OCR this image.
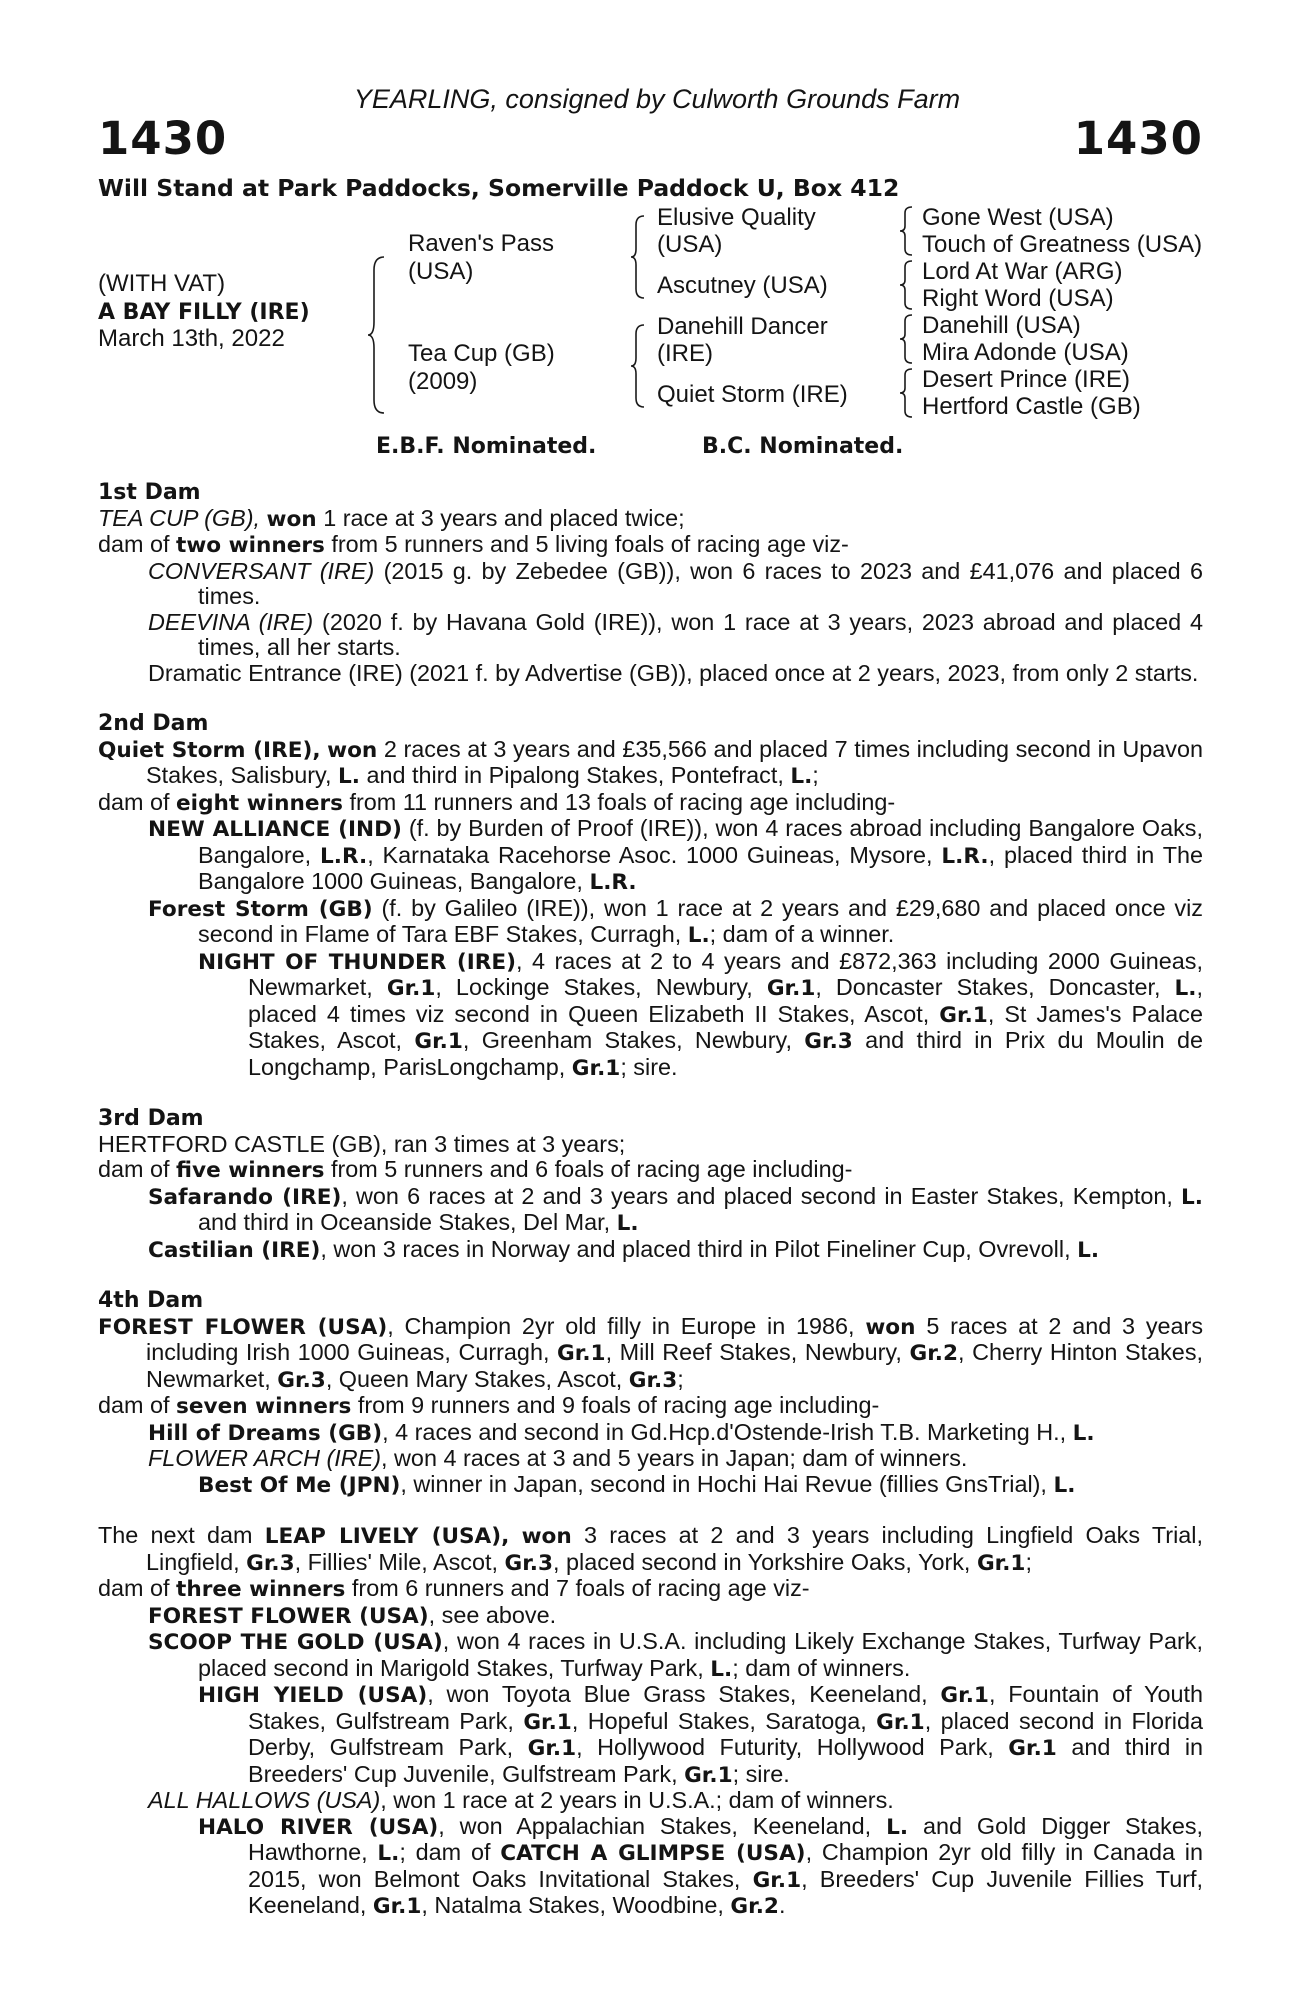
YEARLING, consigned by Culworth Grounds Farm
1430	1430
Will Stand at Park Paddocks, Somerville Paddock U, Box 412
(WITH VAT)
A BAY FILLY (IRE)
March 13th, 2022
Raven's Pass
(USA)
Tea Cup (GB)
(2009)
Elusive Quality
(USA)
Ascutney (USA)
Danehill Dancer
(IRE)
Quiet Storm (IRE)
Gone West (USA)
Touch of Greatness (USA)
Lord At War (ARG)
Right Word (USA)
Danehill (USA)
Mira Adonde (USA)
Desert Prince (IRE)
Hertford Castle (GB)
E.B.F. Nominated.	B.C. Nominated.
1st Dam
TEA CUP (GB), won 1 race at 3 years and placed twice;
dam of two winners from 5 runners and 5 living foals of racing age viz-
CONVERSANT (IRE) (2015 g. by Zebedee (GB)), won 6 races to 2023 and £41,076 and placed 6 times.
DEEVINA (IRE) (2020 f. by Havana Gold (IRE)), won 1 race at 3 years, 2023 abroad and placed 4 times, all her starts.
Dramatic Entrance (IRE) (2021 f. by Advertise (GB)), placed once at 2 years, 2023, from only 2 starts.
2nd Dam
Quiet Storm (IRE), won 2 races at 3 years and £35,566 and placed 7 times including second in Upavon Stakes, Salisbury, L. and third in Pipalong Stakes, Pontefract, L.;
dam of eight winners from 11 runners and 13 foals of racing age including-
NEW ALLIANCE (IND) (f. by Burden of Proof (IRE)), won 4 races abroad including Bangalore Oaks, Bangalore, L.R., Karnataka Racehorse Asoc. 1000 Guineas, Mysore, L.R., placed third in The Bangalore 1000 Guineas, Bangalore, L.R.
Forest Storm (GB) (f. by Galileo (IRE)), won 1 race at 2 years and £29,680 and placed once viz second in Flame of Tara EBF Stakes, Curragh, L.; dam of a winner.
NIGHT OF THUNDER (IRE), 4 races at 2 to 4 years and £872,363 including 2000 Guineas, Newmarket, Gr.1, Lockinge Stakes, Newbury, Gr.1, Doncaster Stakes, Doncaster, L., placed 4 times viz second in Queen Elizabeth II Stakes, Ascot, Gr.1, St James's Palace Stakes, Ascot, Gr.1, Greenham Stakes, Newbury, Gr.3 and third in Prix du Moulin de Longchamp, ParisLongchamp, Gr.1; sire.
3rd Dam
HERTFORD CASTLE (GB), ran 3 times at 3 years;
dam of five winners from 5 runners and 6 foals of racing age including-
Safarando (IRE), won 6 races at 2 and 3 years and placed second in Easter Stakes, Kempton, L. and third in Oceanside Stakes, Del Mar, L.
Castilian (IRE), won 3 races in Norway and placed third in Pilot Fineliner Cup, Ovrevoll, L.
4th Dam
FOREST FLOWER (USA), Champion 2yr old filly in Europe in 1986, won 5 races at 2 and 3 years including Irish 1000 Guineas, Curragh, Gr.1, Mill Reef Stakes, Newbury, Gr.2, Cherry Hinton Stakes, Newmarket, Gr.3, Queen Mary Stakes, Ascot, Gr.3;
dam of seven winners from 9 runners and 9 foals of racing age including-
Hill of Dreams (GB), 4 races and second in Gd.Hcp.d'Ostende-Irish T.B. Marketing H., L.
FLOWER ARCH (IRE), won 4 races at 3 and 5 years in Japan; dam of winners.
Best Of Me (JPN), winner in Japan, second in Hochi Hai Revue (fillies GnsTrial), L.
The next dam LEAP LIVELY (USA), won 3 races at 2 and 3 years including Lingfield Oaks Trial, Lingfield, Gr.3, Fillies' Mile, Ascot, Gr.3, placed second in Yorkshire Oaks, York, Gr.1;
dam of three winners from 6 runners and 7 foals of racing age viz-
FOREST FLOWER (USA), see above.
SCOOP THE GOLD (USA), won 4 races in U.S.A. including Likely Exchange Stakes, Turfway Park, placed second in Marigold Stakes, Turfway Park, L.; dam of winners.
HIGH YIELD (USA), won Toyota Blue Grass Stakes, Keeneland, Gr.1, Fountain of Youth Stakes, Gulfstream Park, Gr.1, Hopeful Stakes, Saratoga, Gr.1, placed second in Florida Derby, Gulfstream Park, Gr.1, Hollywood Futurity, Hollywood Park, Gr.1 and third in Breeders' Cup Juvenile, Gulfstream Park, Gr.1; sire.
ALL HALLOWS (USA), won 1 race at 2 years in U.S.A.; dam of winners.
HALO RIVER (USA), won Appalachian Stakes, Keeneland, L. and Gold Digger Stakes, Hawthorne, L.; dam of CATCH A GLIMPSE (USA), Champion 2yr old filly in Canada in 2015, won Belmont Oaks Invitational Stakes, Gr.1, Breeders' Cup Juvenile Fillies Turf, Keeneland, Gr.1, Natalma Stakes, Woodbine, Gr.2.
